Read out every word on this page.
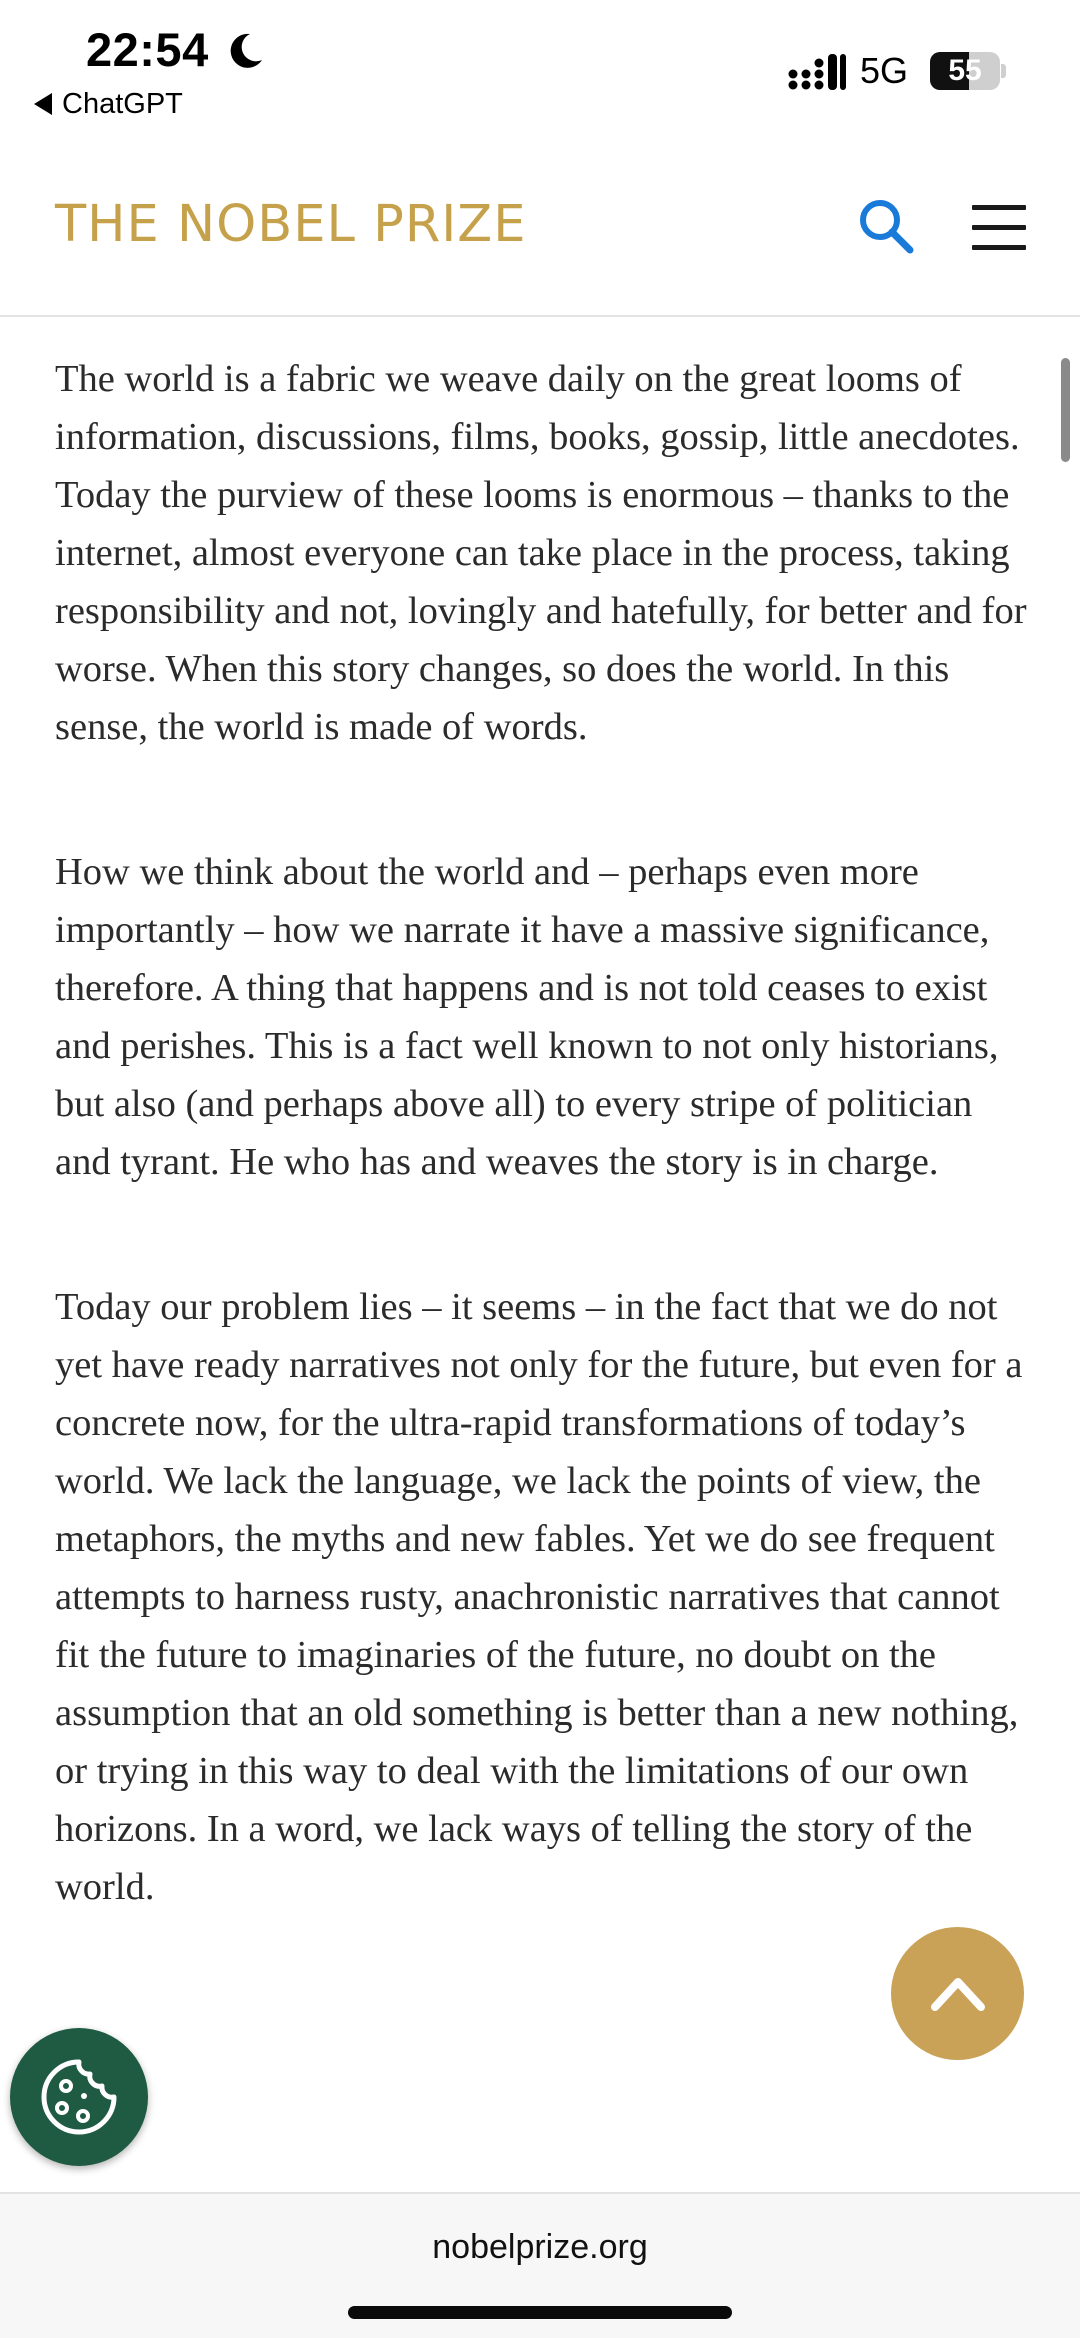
22:54
ChatGPT
5G	55
THE NOBEL PRIZE

The world is a fabric we weave daily on the great looms of information, discussions, films, books, gossip, little anecdotes. Today the purview of these looms is enormous – thanks to the internet, almost everyone can take place in the process, taking responsibility and not, lovingly and hatefully, for better and for worse. When this story changes, so does the world. In this sense, the world is made of words.

How we think about the world and – perhaps even more importantly – how we narrate it have a massive significance, therefore. A thing that happens and is not told ceases to exist and perishes. This is a fact well known to not only historians, but also (and perhaps above all) to every stripe of politician and tyrant. He who has and weaves the story is in charge.

Today our problem lies – it seems – in the fact that we do not yet have ready narratives not only for the future, but even for a concrete now, for the ultra-rapid transformations of today’s world. We lack the language, we lack the points of view, the metaphors, the myths and new fables. Yet we do see frequent attempts to harness rusty, anachronistic narratives that cannot fit the future to imaginaries of the future, no doubt on the assumption that an old something is better than a new nothing, or trying in this way to deal with the limitations of our own horizons. In a word, we lack ways of telling the story of the world.

nobelprize.org
